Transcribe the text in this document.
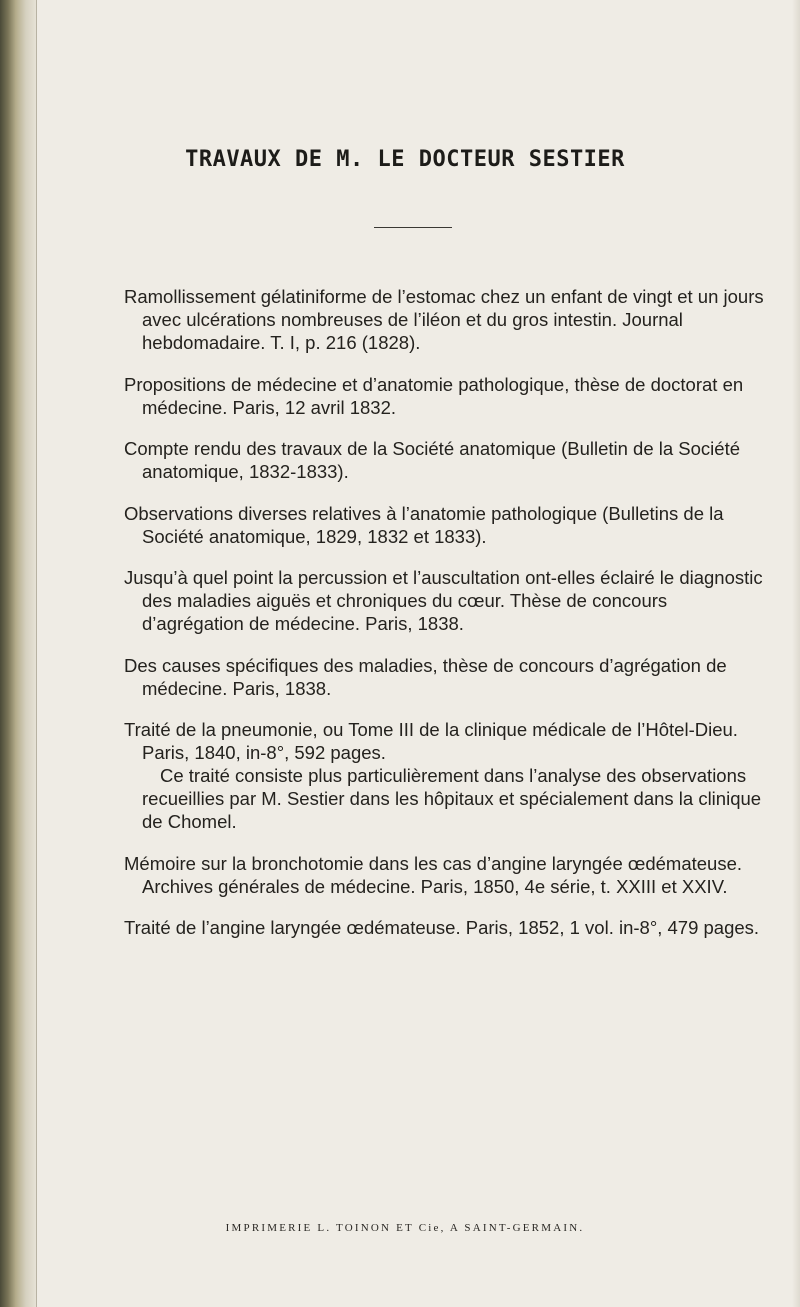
TRAVAUX DE M. LE DOCTEUR SESTIER

Ramollissement gélatiniforme de l’estomac chez un enfant de vingt et un jours avec ulcérations nombreuses de l’iléon et du gros intestin. Journal hebdomadaire. T. I, p. 216 (1828).

Propositions de médecine et d’anatomie pathologique, thèse de doctorat en médecine. Paris, 12 avril 1832.

Compte rendu des travaux de la Société anatomique (Bulletin de la Société anatomique, 1832-1833).

Observations diverses relatives à l’anatomie pathologique (Bulletins de la Société anatomique, 1829, 1832 et 1833).

Jusqu’à quel point la percussion et l’auscultation ont-elles éclairé le diagnostic des maladies aiguës et chroniques du cœur. Thèse de concours d’agrégation de médecine. Paris, 1838.

Des causes spécifiques des maladies, thèse de concours d’agrégation de médecine. Paris, 1838.

Traité de la pneumonie, ou Tome III de la clinique médicale de l’Hôtel-Dieu. Paris, 1840, in-8°, 592 pages.

Ce traité consiste plus particulièrement dans l’analyse des observations recueillies par M. Sestier dans les hôpitaux et spécialement dans la clinique de Chomel.

Mémoire sur la bronchotomie dans les cas d’angine laryngée œdémateuse. Archives générales de médecine. Paris, 1850, 4e série, t. XXIII et XXIV.

Traité de l’angine laryngée œdémateuse. Paris, 1852, 1 vol. in-8°, 479 pages.

IMPRIMERIE L. TOINON ET Cie, A SAINT-GERMAIN.
